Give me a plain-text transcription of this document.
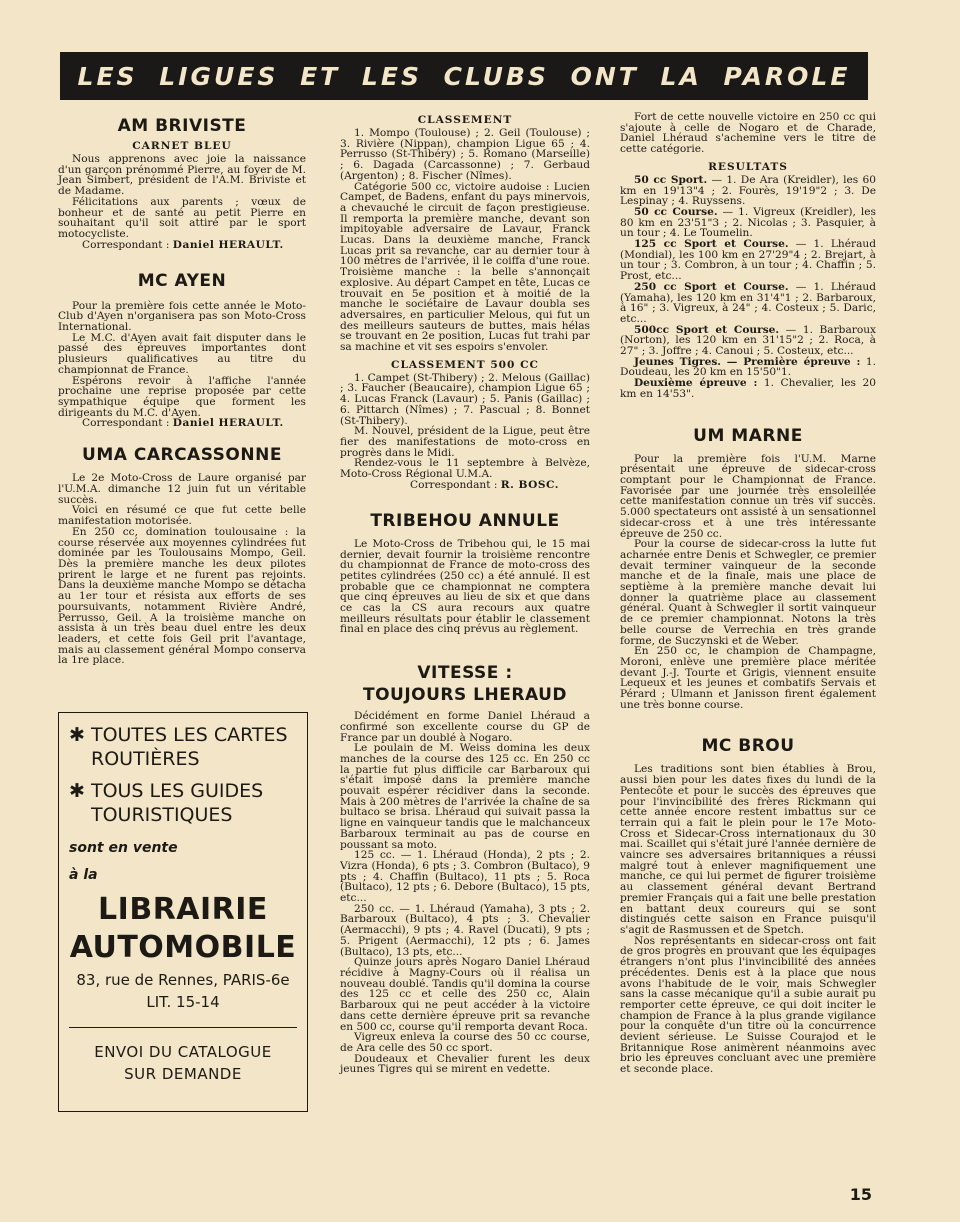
LES LIGUES ET LES CLUBS ONT LA PAROLE
AM BRIVISTE
CARNET BLEU

Nous apprenons avec joie la naissance d'un garçon prénommé Pierre, au foyer de M. Jean Simbert, président de l'A.M. Briviste et de Madame.

Félicitations aux parents ; vœux de bonheur et de santé au petit Pierre en souhaitant qu'il soit attiré par le sport motocycliste.

Correspondant : Daniel HERAULT.

MC AYEN

Pour la première fois cette année le Moto-Club d'Ayen n'organisera pas son Moto-Cross International.

Le M.C. d'Ayen avait fait disputer dans le passé des épreuves importantes dont plusieurs qualificatives au titre du championnat de France.

Espérons revoir à l'affiche l'année prochaine une reprise proposée par cette sympathique équipe que forment les dirigeants du M.C. d'Ayen.

Correspondant : Daniel HERAULT.

UMA CARCASSONNE

Le 2e Moto-Cross de Laure organisé par l'U.M.A. dimanche 12 juin fut un véritable succès.

Voici en résumé ce que fut cette belle manifestation motorisée.

En 250 cc, domination toulousaine : la course réservée aux moyennes cylindrées fut dominée par les Toulousains Mompo, Geil. Dès la première manche les deux pilotes prirent le large et ne furent pas rejoints. Dans la deuxième manche Mompo se détacha au 1er tour et résista aux efforts de ses poursuivants, notamment Rivière André, Perrusso, Geil. A la troisième manche on assista à un très beau duel entre les deux leaders, et cette fois Geil prit l'avantage, mais au classement général Mompo conserva la 1re place.

✱ TOUTES LES CARTES
ROUTIÈRES
✱ TOUS LES GUIDES
TOURISTIQUES
sont en vente
à la
LIBRAIRIE
AUTOMOBILE
83, rue de Rennes, PARIS-6e
LIT. 15-14
ENVOI DU CATALOGUE
SUR DEMANDE
CLASSEMENT

1. Mompo (Toulouse) ; 2. Geil (Toulouse) ; 3. Rivière (Nippan), champion Ligue 65 ; 4. Perrusso (St-Thibéry) ; 5. Romano (Marseille) ; 6. Dagada (Carcassonne) ; 7. Gerbaud (Argenton) ; 8. Fischer (Nîmes).

Catégorie 500 cc, victoire audoise : Lucien Campet, de Badens, enfant du pays minervois, a chevauché le circuit de façon prestigieuse. Il remporta la première manche, devant son impitoyable adversaire de Lavaur, Franck Lucas. Dans la deuxième manche, Franck Lucas prit sa revanche, car au dernier tour à 100 mètres de l'arrivée, il le coiffa d'une roue. Troisième manche : la belle s'annonçait explosive. Au départ Campet en tête, Lucas ce trouvait en 5e position et à moitié de la manche le sociétaire de Lavaur doubla ses adversaires, en particulier Melous, qui fut un des meilleurs sauteurs de buttes, mais hélas se trouvant en 2e position, Lucas fut trahi par sa machine et vit ses espoirs s'envoler.

CLASSEMENT 500 CC

1. Campet (St-Thibery) ; 2. Melous (Gaillac) ; 3. Faucher (Beaucaire), champion Ligue 65 ; 4. Lucas Franck (Lavaur) ; 5. Panis (Gaillac) ; 6. Pittarch (Nîmes) ; 7. Pascual ; 8. Bonnet (St-Thibery).

M. Nouvel, président de la Ligue, peut être fier des manifestations de moto-cross en progrès dans le Midi.

Rendez-vous le 11 septembre à Belvèze, Moto-Cross Régional U.M.A.

Correspondant : R. BOSC.

TRIBEHOU ANNULE

Le Moto-Cross de Tribehou qui, le 15 mai dernier, devait fournir la troisième rencontre du championnat de France de moto-cross des petites cylindrées (250 cc) a été annulé. Il est probable que ce championnat ne comptera que cinq épreuves au lieu de six et que dans ce cas la CS aura recours aux quatre meilleurs résultats pour établir le classement final en place des cinq prévus au règlement.

VITESSE :
TOUJOURS LHERAUD

Décidément en forme Daniel Lhéraud a confirmé son excellente course du GP de France par un doublé à Nogaro.

Le poulain de M. Weiss domina les deux manches de la course des 125 cc. En 250 cc la partie fut plus difficile car Barbaroux qui s'était imposé dans la première manche pouvait espérer récidiver dans la seconde. Mais à 200 mètres de l'arrivée la chaîne de sa bultaco se brisa. Lhéraud qui suivait passa la ligne en vainqueur tandis que le malchanceux Barbaroux terminait au pas de course en poussant sa moto.

125 cc. — 1. Lhéraud (Honda), 2 pts ; 2. Vizra (Honda), 6 pts ; 3. Combron (Bultaco), 9 pts ; 4. Chaffin (Bultaco), 11 pts ; 5. Roca (Bultaco), 12 pts ; 6. Debore (Bultaco), 15 pts, etc...

250 cc. — 1. Lhéraud (Yamaha), 3 pts ; 2. Barbaroux (Bultaco), 4 pts ; 3. Chevalier (Aermacchi), 9 pts ; 4. Ravel (Ducati), 9 pts ; 5. Prigent (Aermacchi), 12 pts ; 6. James (Bultaco), 13 pts, etc...

Quinze jours après Nogaro Daniel Lhéraud récidive à Magny-Cours où il réalisa un nouveau doublé. Tandis qu'il domina la course des 125 cc et celle des 250 cc, Alain Barbaroux qui ne peut accéder à la victoire dans cette dernière épreuve prit sa revanche en 500 cc, course qu'il remporta devant Roca.

Vigreux enleva la course des 50 cc course, de Ara celle des 50 cc sport.

Doudeaux et Chevalier furent les deux jeunes Tigres qui se mirent en vedette.

Fort de cette nouvelle victoire en 250 cc qui s'ajoute à celle de Nogaro et de Charade, Daniel Lhéraud s'achemine vers le titre de cette catégorie.

RESULTATS

50 cc Sport. — 1. De Ara (Kreidler), les 60 km en 19'13"4 ; 2. Fourès, 19'19"2 ; 3. De Lespinay ; 4. Ruyssens.

50 cc Course. — 1. Vigreux (Kreidler), les 80 km en 23'51"3 ; 2. Nicolas ; 3. Pasquier, à un tour ; 4. Le Toumelin.

125 cc Sport et Course. — 1. Lhéraud (Mondial), les 100 km en 27'29"4 ; 2. Brejart, à un tour ; 3. Combron, à un tour ; 4. Chaffin ; 5. Prost, etc...

250 cc Sport et Course. — 1. Lhéraud (Yamaha), les 120 km en 31'4"1 ; 2. Barbaroux, à 16" ; 3. Vigreux, à 24" ; 4. Costeux ; 5. Daric, etc...

500cc Sport et Course. — 1. Barbaroux (Norton), les 120 km en 31'15"2 ; 2. Roca, à 27" ; 3. Joffre ; 4. Canoui ; 5. Costeux, etc...

Jeunes Tigres. — Première épreuve : 1. Doudeau, les 20 km en 15'50"1.

Deuxième épreuve : 1. Chevalier, les 20 km en 14'53".

UM MARNE

Pour la première fois l'U.M. Marne présentait une épreuve de sidecar-cross comptant pour le Championnat de France. Favorisée par une journée très ensoleillée cette manifestation connue un très vif succès. 5.000 spectateurs ont assisté à un sensationnel sidecar-cross et à une très intéressante épreuve de 250 cc.

Pour la course de sidecar-cross la lutte fut acharnée entre Denis et Schwegler, ce premier devait terminer vainqueur de la seconde manche et de la finale, mais une place de septième à la première manche devait lui donner la quatrième place au classement général. Quant à Schwegler il sortit vainqueur de ce premier championnat. Notons la très belle course de Verrechia en très grande forme, de Suczynski et de Weber.

En 250 cc, le champion de Champagne, Moroni, enlève une première place méritée devant J.-J. Tourte et Grigis, viennent ensuite Lequeux et les jeunes et combatifs Servais et Pérard ; Ulmann et Janisson firent également une très bonne course.

MC BROU

Les traditions sont bien établies à Brou, aussi bien pour les dates fixes du lundi de la Pentecôte et pour le succès des épreuves que pour l'invincibilité des frères Rickmann qui cette année encore restent imbattus sur ce terrain qui a fait le plein pour le 17e Moto-Cross et Sidecar-Cross internationaux du 30 mai. Scaillet qui s'était juré l'année dernière de vaincre ses adversaires britanniques a réussi malgré tout à enlever magnifiquement une manche, ce qui lui permet de figurer troisième au classement général devant Bertrand premier Français qui a fait une belle prestation en battant deux coureurs qui se sont distingués cette saison en France puisqu'il s'agit de Rasmussen et de Spetch.

Nos représentants en sidecar-cross ont fait de gros progrès en prouvant que les équipages étrangers n'ont plus l'invincibilité des années précédentes. Denis est à la place que nous avons l'habitude de le voir, mais Schwegler sans la casse mécanique qu'il a subie aurait pu remporter cette épreuve, ce qui doit inciter le champion de France à la plus grande vigilance pour la conquête d'un titre où la concurrence devient sérieuse. Le Suisse Courajod et le Britannique Rose animèrent néanmoins avec brio les épreuves concluant avec une première et seconde place.

15
